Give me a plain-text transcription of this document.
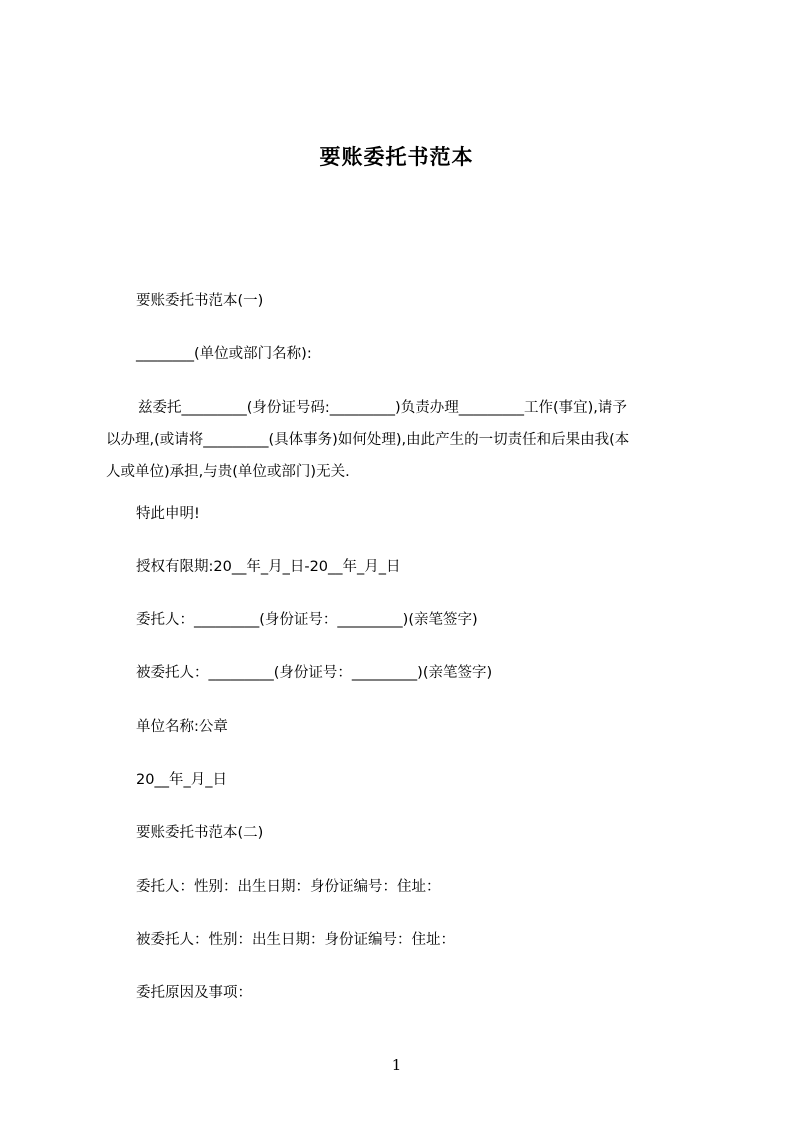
要账委托书范本
要账委托书范本(一)
________(单位或部门名称):
兹委托_________(身份证号码:_________)负责办理_________工作(事宜),请予
以办理,(或请将_________(具体事务)如何处理),由此产生的一切责任和后果由我(本
人或单位)承担,与贵(单位或部门)无关.
特此申明!
授权有限期:20__年_月_日-20__年_月_日
委托人：_________(身份证号：_________)(亲笔签字)
被委托人：_________(身份证号：_________)(亲笔签字)
单位名称:公章
20__年_月_日
要账委托书范本(二)
委托人：性别：出生日期：身份证编号：住址：
被委托人：性别：出生日期：身份证编号：住址：
委托原因及事项：
1
